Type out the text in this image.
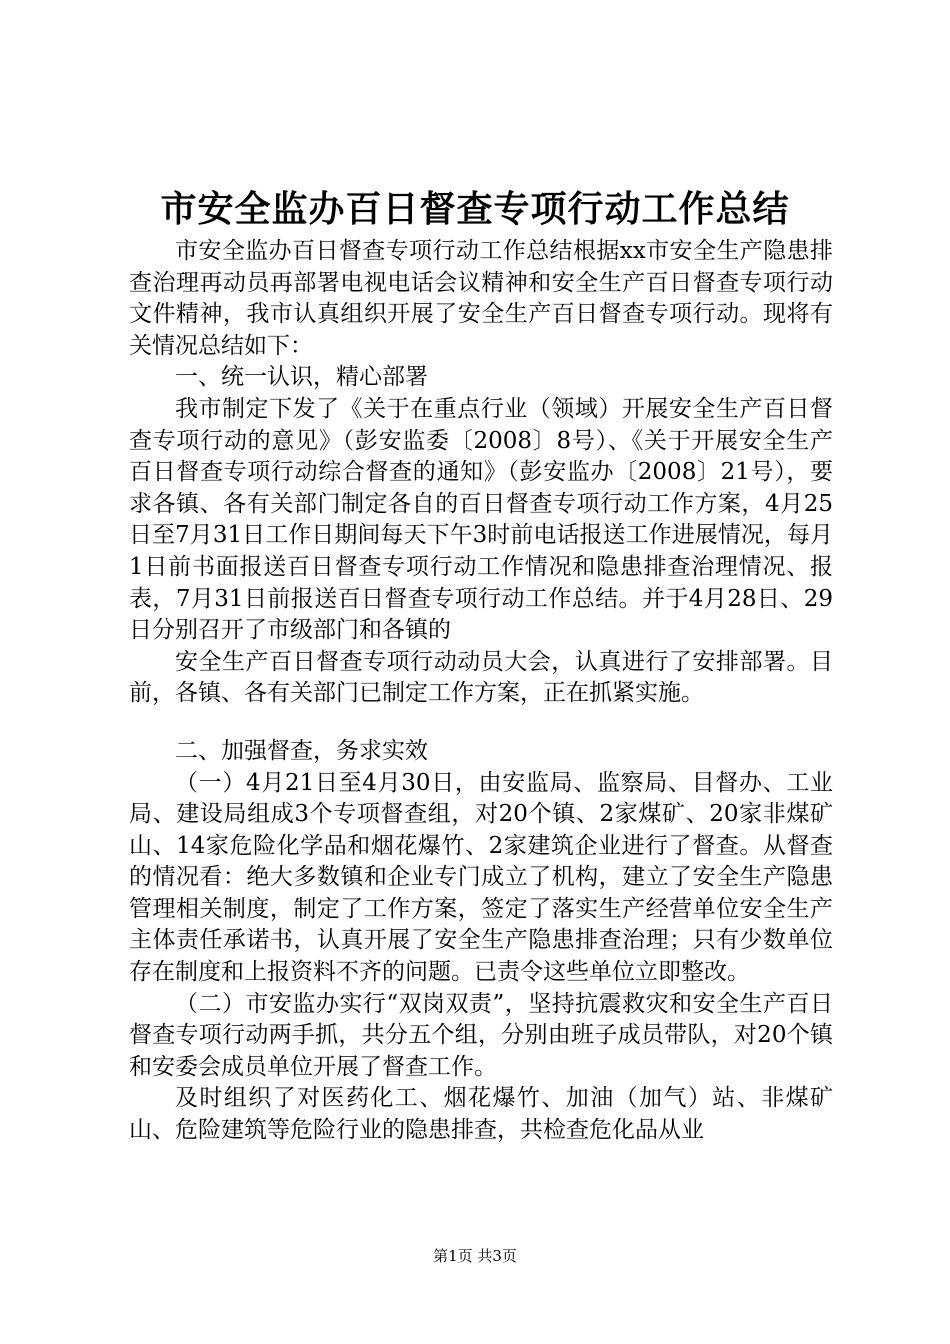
市安全监办百日督查专项行动工作总结

市安全监办百日督查专项行动工作总结根据xx市安全生产隐患排查治理再动员再部署电视电话会议精神和安全生产百日督查专项行动文件精神，我市认真组织开展了安全生产百日督查专项行动。现将有关情况总结如下：

一、统一认识，精心部署

我市制定下发了《关于在重点行业（领域）开展安全生产百日督查专项行动的意见》（彭安监委〔2008〕8号）、《关于开展安全生产百日督查专项行动综合督查的通知》（彭安监办〔2008〕21号），要求各镇、各有关部门制定各自的百日督查专项行动工作方案，4月25日至7月31日工作日期间每天下午3时前电话报送工作进展情况，每月1日前书面报送百日督查专项行动工作情况和隐患排查治理情况、报表，7月31日前报送百日督查专项行动工作总结。并于4月28日、29日分别召开了市级部门和各镇的

安全生产百日督查专项行动动员大会，认真进行了安排部署。目前，各镇、各有关部门已制定工作方案，正在抓紧实施。

二、加强督查，务求实效

（一）4月21日至4月30日，由安监局、监察局、目督办、工业局、建设局组成3个专项督查组，对20个镇、2家煤矿、20家非煤矿山、14家危险化学品和烟花爆竹、2家建筑企业进行了督查。从督查的情况看：绝大多数镇和企业专门成立了机构，建立了安全生产隐患管理相关制度，制定了工作方案，签定了落实生产经营单位安全生产主体责任承诺书，认真开展了安全生产隐患排查治理；只有少数单位存在制度和上报资料不齐的问题。已责令这些单位立即整改。

（二）市安监办实行“双岗双责”，坚持抗震救灾和安全生产百日督查专项行动两手抓，共分五个组，分别由班子成员带队，对20个镇和安委会成员单位开展了督查工作。

及时组织了对医药化工、烟花爆竹、加油（加气）站、非煤矿山、危险建筑等危险行业的隐患排查，共检查危化品从业

第1页 共3页
